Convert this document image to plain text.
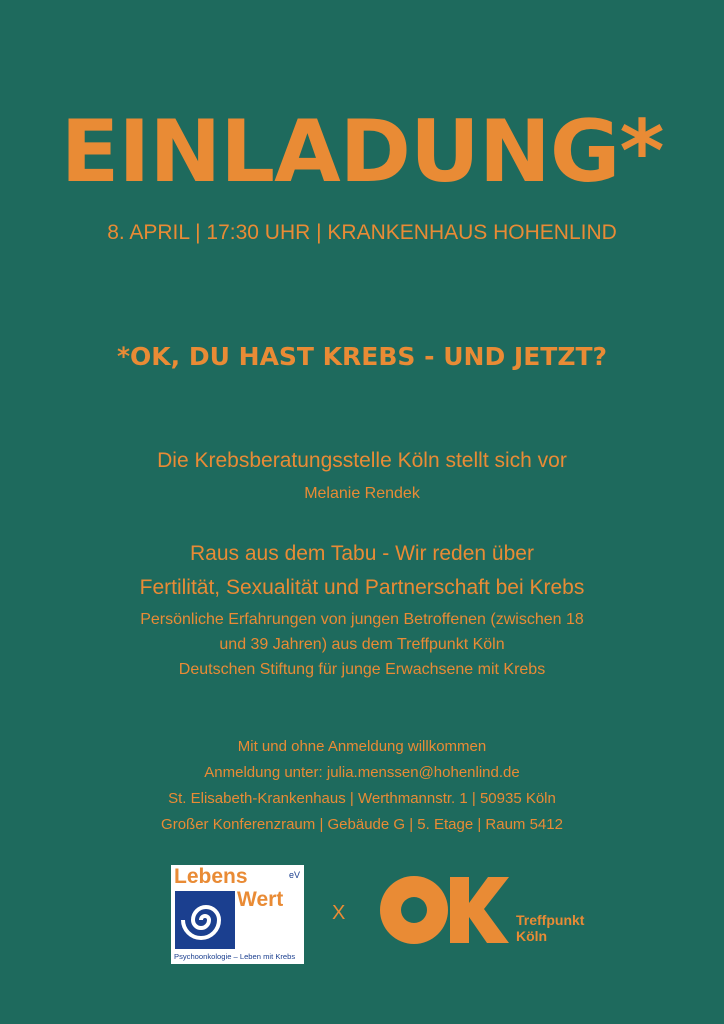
EINLADUNG*
8. APRIL | 17:30 UHR | KRANKENHAUS HOHENLIND
*OK, DU HAST KREBS - UND JETZT?
Die Krebsberatungsstelle Köln stellt sich vor
Melanie Rendek
Raus aus dem Tabu - Wir reden über
Fertilität, Sexualität und Partnerschaft bei Krebs
Persönliche Erfahrungen von jungen Betroffenen (zwischen 18
und 39 Jahren) aus dem Treffpunkt Köln
Deutschen Stiftung für junge Erwachsene mit Krebs
Mit und ohne Anmeldung willkommen
Anmeldung unter: julia.menssen@hohenlind.de
St. Elisabeth-Krankenhaus | Werthmannstr. 1 | 50935 Köln
Großer Konferenzraum | Gebäude G | 5. Etage | Raum 5412
Lebens
Wert
eV
Psychoonkologie – Leben mit Krebs
X	Treffpunkt
Köln
